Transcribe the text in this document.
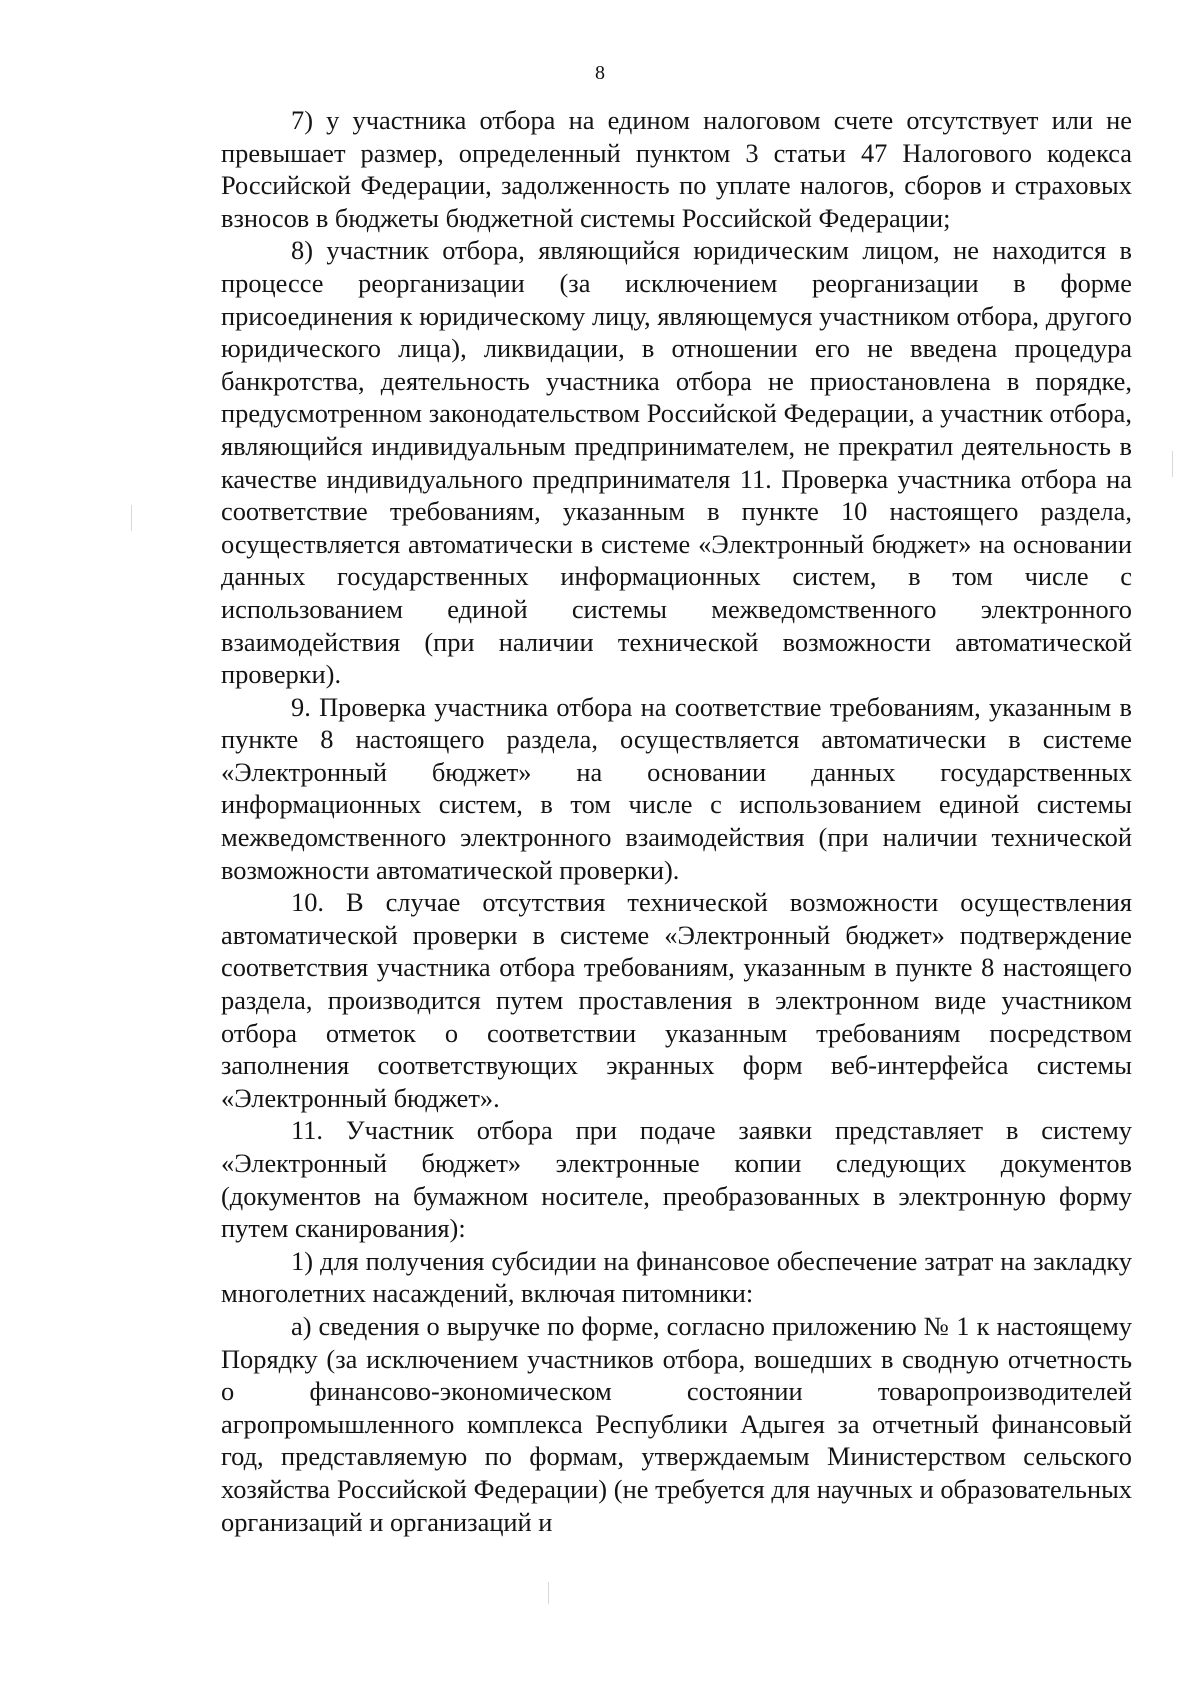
8

7) у участника отбора на едином налоговом счете отсутствует или не превышает размер, определенный пунктом 3 статьи 47 Налогового кодекса Российской Федерации, задолженность по уплате налогов, сборов и страховых взносов в бюджеты бюджетной системы Российской Федерации;

8) участник отбора, являющийся юридическим лицом, не находится в процессе реорганизации (за исключением реорганизации в форме присоединения к юридическому лицу, являющемуся участником отбора, другого юридического лица), ликвидации, в отношении его не введена процедура банкротства, деятельность участника отбора не приостановлена в порядке, предусмотренном законодательством Российской Федерации, а участник отбора, являющийся индивидуальным предпринимателем, не прекратил деятельность в качестве индивидуального предпринимателя 11. Проверка участника отбора на соответствие требованиям, указанным в пункте 10 настоящего раздела, осуществляется автоматически в системе «Электронный бюджет» на основании данных государственных информационных систем, в том числе с использованием единой системы межведомственного электронного взаимодействия (при наличии технической возможности автоматической проверки).

9. Проверка участника отбора на соответствие требованиям, указанным в пункте 8 настоящего раздела, осуществляется автоматически в системе «Электронный бюджет» на основании данных государственных информационных систем, в том числе с использованием единой системы межведомственного электронного взаимодействия (при наличии технической возможности автоматической проверки).

10. В случае отсутствия технической возможности осуществления автоматической проверки в системе «Электронный бюджет» подтверждение соответствия участника отбора требованиям, указанным в пункте 8 настоящего раздела, производится путем проставления в электронном виде участником отбора отметок о соответствии указанным требованиям посредством заполнения соответствующих экранных форм веб-интерфейса системы «Электронный бюджет».

11. Участник отбора при подаче заявки представляет в систему «Электронный бюджет» электронные копии следующих документов (документов на бумажном носителе, преобразованных в электронную форму путем сканирования):

1) для получения субсидии на финансовое обеспечение затрат на закладку многолетних насаждений, включая питомники:

а) сведения о выручке по форме, согласно приложению № 1 к настоящему Порядку (за исключением участников отбора, вошедших в сводную отчетность о финансово-экономическом состоянии товаропроизводителей агропромышленного комплекса Республики Адыгея за отчетный финансовый год, представляемую по формам, утверждаемым Министерством сельского хозяйства Российской Федерации) (не требуется для научных и образовательных организаций и организаций и
